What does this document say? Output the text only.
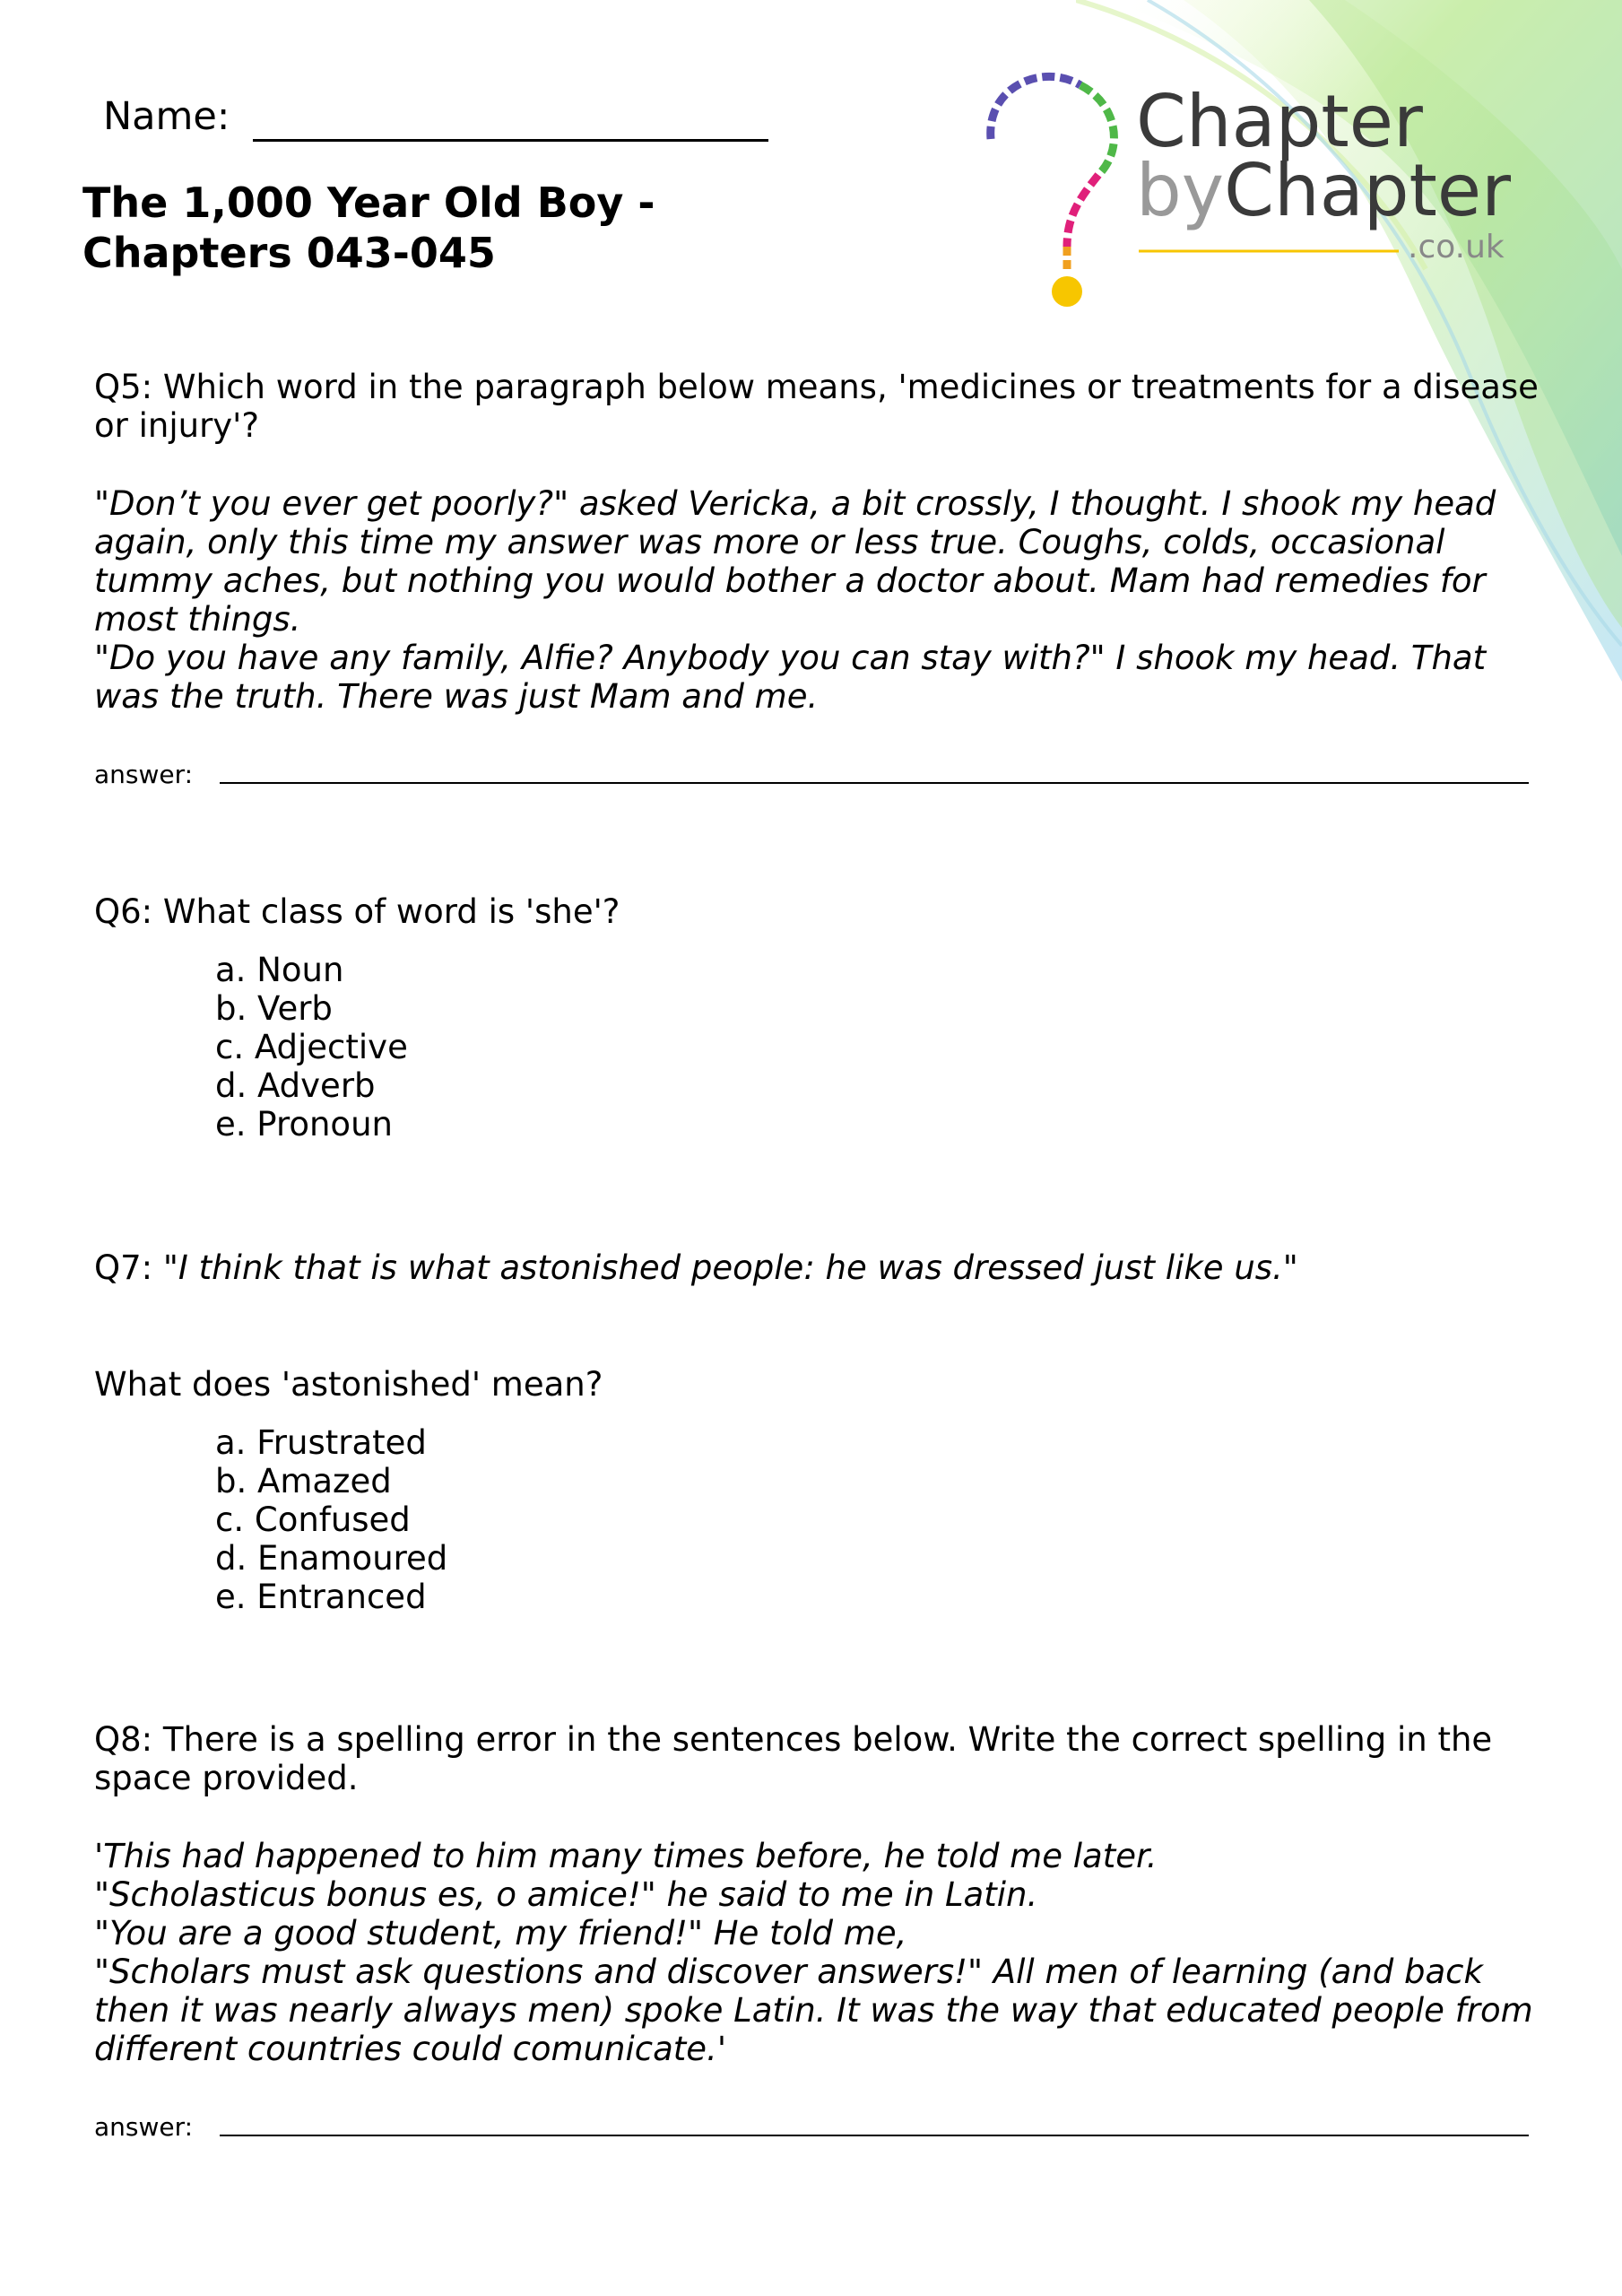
Name:
The 1,000 Year Old Boy -
Chapters 043-045
Chapter
byChapter
.co.uk
Q5: Which word in the paragraph below means, 'medicines or treatments for a disease
or injury'?
"Don’t you ever get poorly?" asked Vericka, a bit crossly, I thought. I shook my head
again, only this time my answer was more or less true. Coughs, colds, occasional
tummy aches, but nothing you would bother a doctor about. Mam had remedies for
most things.
"Do you have any family, Alfie? Anybody you can stay with?" I shook my head. That
was the truth. There was just Mam and me.
answer:
Q6: What class of word is 'she'?
a. Noun
b. Verb
c. Adjective
d. Adverb
e. Pronoun
Q7: "I think that is what astonished people: he was dressed just like us."
What does 'astonished' mean?
a. Frustrated
b. Amazed
c. Confused
d. Enamoured
e. Entranced
Q8: There is a spelling error in the sentences below. Write the correct spelling in the
space provided.
'This had happened to him many times before, he told me later.
"Scholasticus bonus es, o amice!" he said to me in Latin.
"You are a good student, my friend!" He told me,
"Scholars must ask questions and discover answers!" All men of learning (and back
then it was nearly always men) spoke Latin. It was the way that educated people from
different countries could comunicate.'
answer:
